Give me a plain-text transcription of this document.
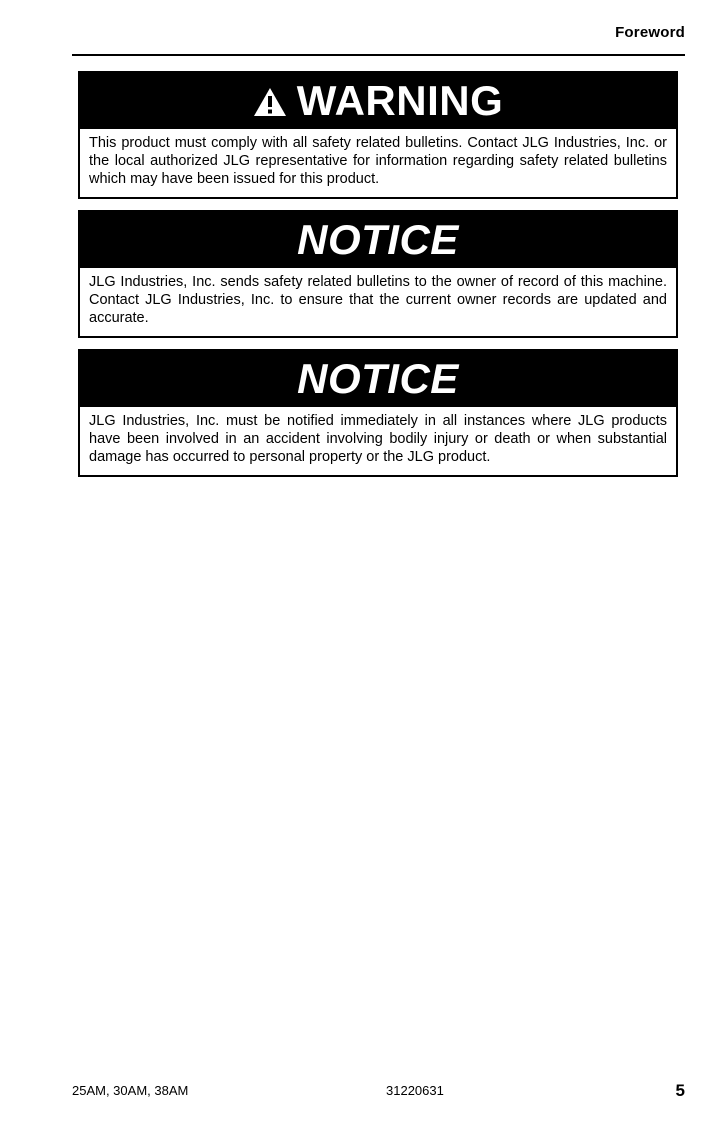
Foreword
WARNING
This product must comply with all safety related bulletins. Contact JLG Industries, Inc. or the local authorized JLG representative for information regarding safety related bulletins which may have been issued for this product.
NOTICE
JLG Industries, Inc. sends safety related bulletins to the owner of record of this machine. Contact JLG Industries, Inc. to ensure that the current owner records are updated and accurate.
NOTICE
JLG Industries, Inc. must be notified immediately in all instances where JLG products have been involved in an accident involving bodily injury or death or when substantial damage has occurred to personal property or the JLG product.
25AM, 30AM, 38AM	31220631	5
